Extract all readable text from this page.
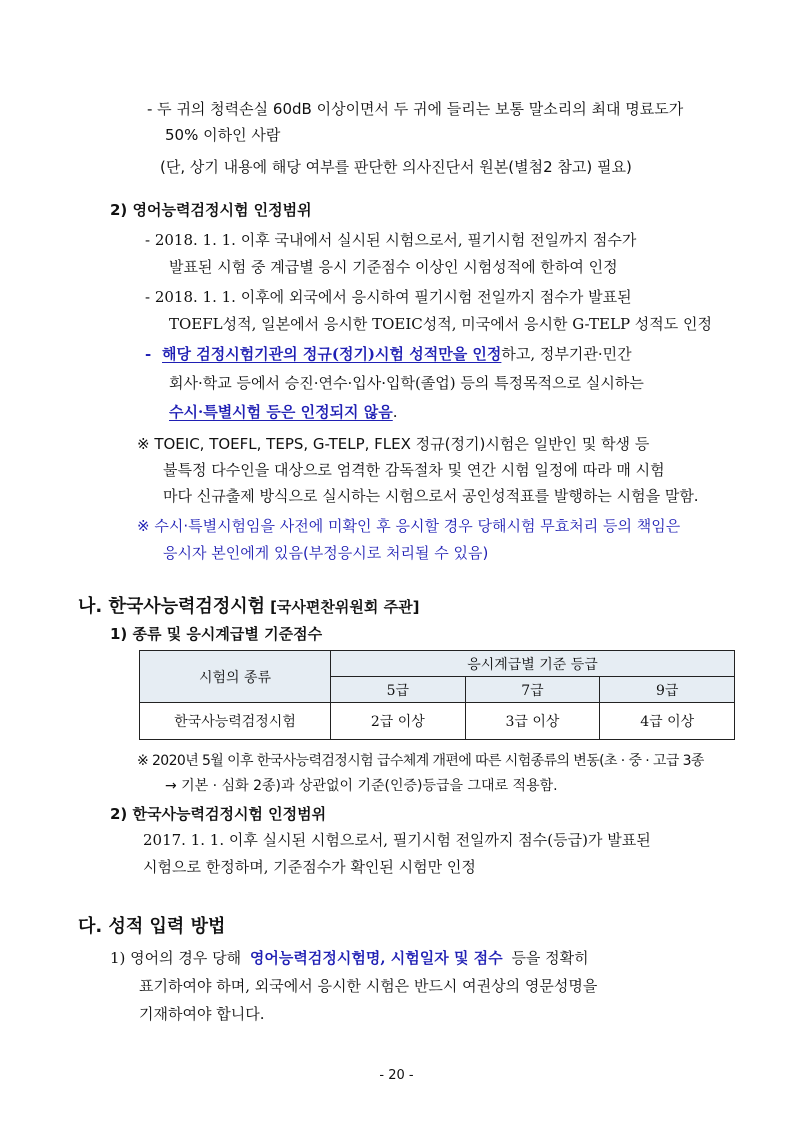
- 두 귀의 청력손실 60dB 이상이면서 두 귀에 들리는 보통 말소리의 최대 명료도가
50% 이하인 사람
(단, 상기 내용에 해당 여부를 판단한 의사진단서 원본(별첨2 참고) 필요)
2) 영어능력검정시험 인정범위
- 2018. 1. 1. 이후 국내에서 실시된 시험으로서, 필기시험 전일까지 점수가
발표된 시험 중 계급별 응시 기준점수 이상인 시험성적에 한하여 인정
- 2018. 1. 1. 이후에 외국에서 응시하여 필기시험 전일까지 점수가 발표된
TOEFL성적, 일본에서 응시한 TOEIC성적, 미국에서 응시한 G-TELP 성적도 인정
- 해당 검정시험기관의 정규(정기)시험 성적만을 인정하고, 정부기관·민간
회사·학교 등에서 승진·연수·입사·입학(졸업) 등의 특정목적으로 실시하는
수시·특별시험 등은 인정되지 않음.
※ TOEIC, TOEFL, TEPS, G-TELP, FLEX 정규(정기)시험은 일반인 및 학생 등
불특정 다수인을 대상으로 엄격한 감독절차 및 연간 시험 일정에 따라 매 시험
마다 신규출제 방식으로 실시하는 시험으로서 공인성적표를 발행하는 시험을 말함.
※ 수시·특별시험임을 사전에 미확인 후 응시할 경우 당해시험 무효처리 등의 책임은
응시자 본인에게 있음(부정응시로 처리될 수 있음)
나. 한국사능력검정시험 [국사편찬위원회 주관]
1) 종류 및 응시계급별 기준점수
시험의 종류	응시계급별 기준 등급		
	5급	7급	9급
한국사능력검정시험	2급 이상	3급 이상	4급 이상
※ 2020년 5월 이후 한국사능력검정시험 급수체계 개편에 따른 시험종류의 변동(초 · 중 · 고급 3종
→ 기본 · 심화 2종)과 상관없이 기준(인증)등급을 그대로 적용함.
2) 한국사능력검정시험 인정범위
2017. 1. 1. 이후 실시된 시험으로서, 필기시험 전일까지 점수(등급)가 발표된
시험으로 한정하며, 기준점수가 확인된 시험만 인정
다. 성적 입력 방법
1) 영어의 경우 당해 영어능력검정시험명, 시험일자 및 점수 등을 정확히
표기하여야 하며, 외국에서 응시한 시험은 반드시 여권상의 영문성명을
기재하여야 합니다.
- 20 -
